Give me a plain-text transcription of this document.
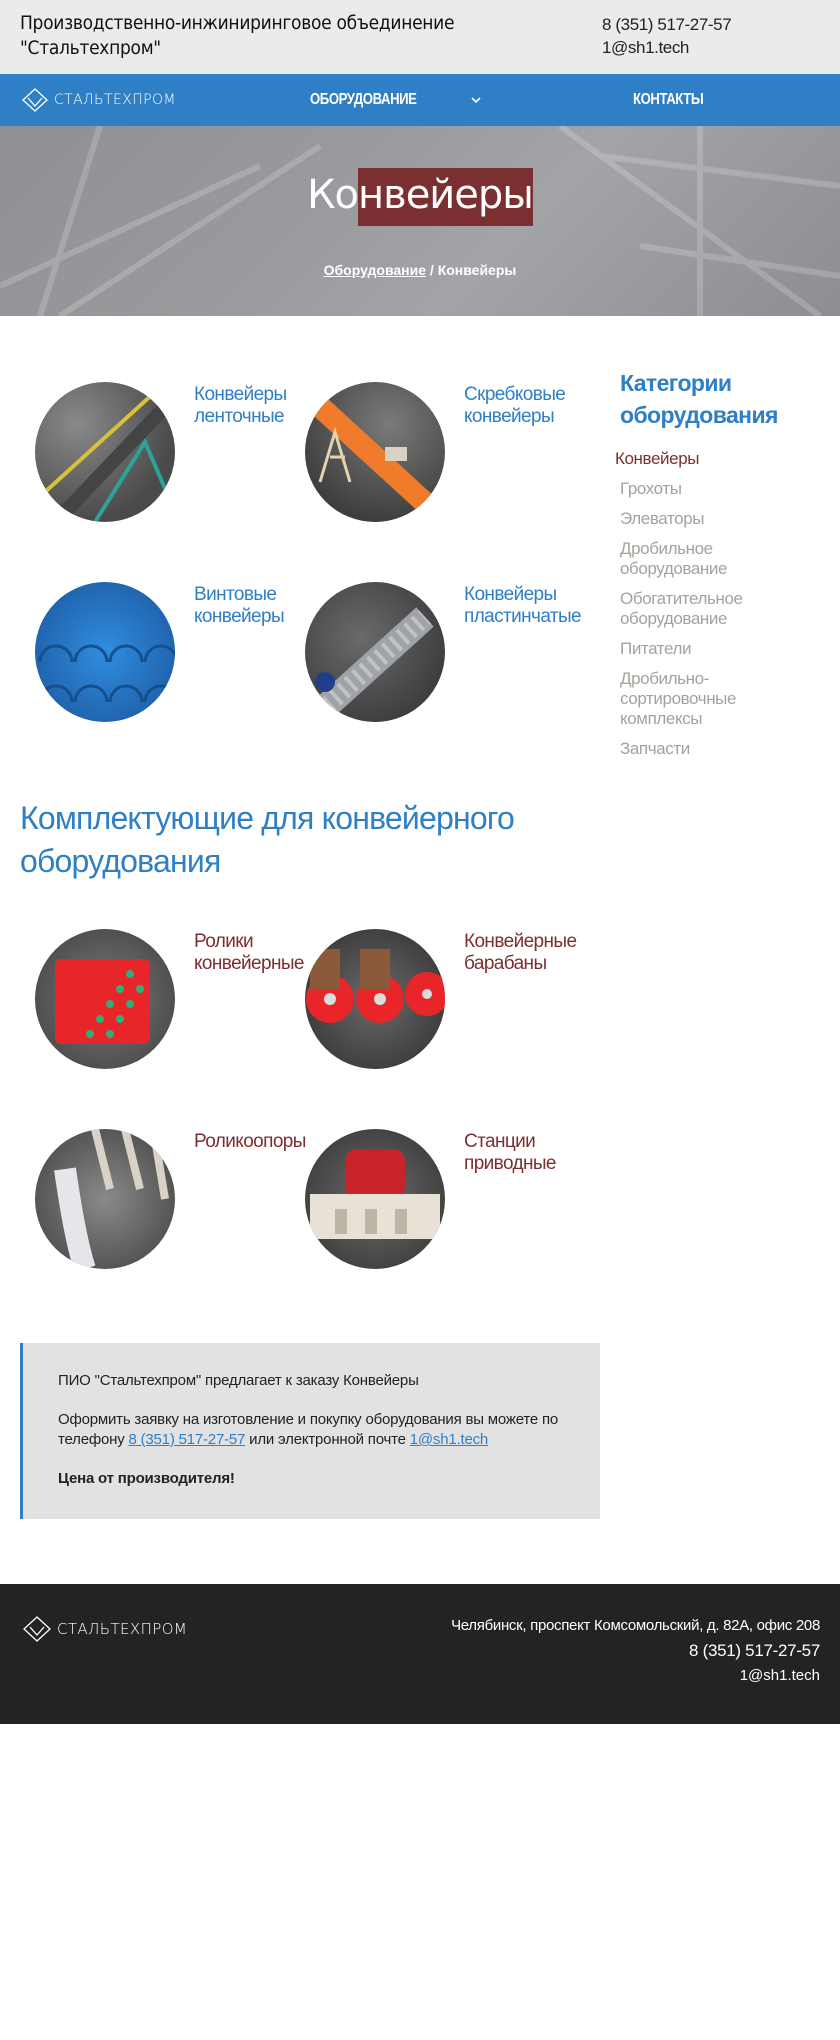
Производственно-инжиниринговое объединение
"Стальтехпром"
8 (351) 517-27-57
1@sh1.tech
СТАЛЬТЕХПРОМ	ОБОРУДОВАНИЕ	КОНТАКТЫ
Конвейеры
Оборудование / Конвейеры
Конвейеры ленточные
Скребковые конвейеры
Винтовые конвейеры
Конвейеры пластинчатые
Категории оборудования
Конвейеры
Грохоты
Элеваторы
Дробильное оборудование
Обогатительное оборудование
Питатели
Дробильно-сортировочные комплексы
Запчасти
Комплектующие для конвейерного оборудования
Ролики конвейерные
Конвейерные барабаны
Роликоопоры	Станции приводные

ПИО "Стальтехпром" предлагает к заказу Конвейеры

Оформить заявку на изготовление и покупку оборудования вы можете по телефону 8 (351) 517-27-57 или электронной почте 1@sh1.tech

Цена от производителя!

СТАЛЬТЕХПРОМ	Челябинск, проспект Комсомольский, д. 82А, офис 208
8 (351) 517-27-57
1@sh1.tech
